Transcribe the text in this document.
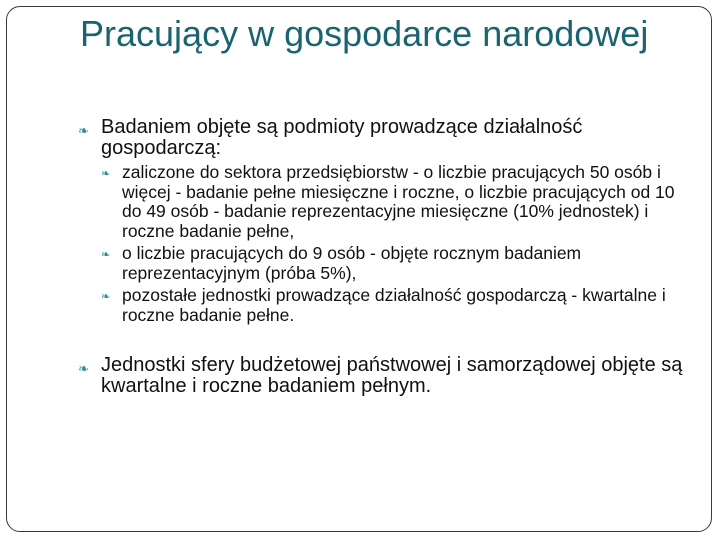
Pracujący w gospodarce narodowej
❧ Badaniem objęte są podmioty prowadzące działalność gospodarczą:
❧ zaliczone do sektora przedsiębiorstw - o liczbie pracujących 50 osób i więcej - badanie pełne miesięczne i roczne, o liczbie pracujących od 10 do 49 osób - badanie reprezentacyjne miesięczne (10% jednostek) i roczne badanie pełne,
❧ o liczbie pracujących do 9 osób - objęte rocznym badaniem reprezentacyjnym (próba 5%),
❧ pozostałe jednostki prowadzące działalność gospodarczą - kwartalne i roczne badanie pełne.
❧ Jednostki sfery budżetowej państwowej i samorządowej objęte są kwartalne i roczne badaniem pełnym.
